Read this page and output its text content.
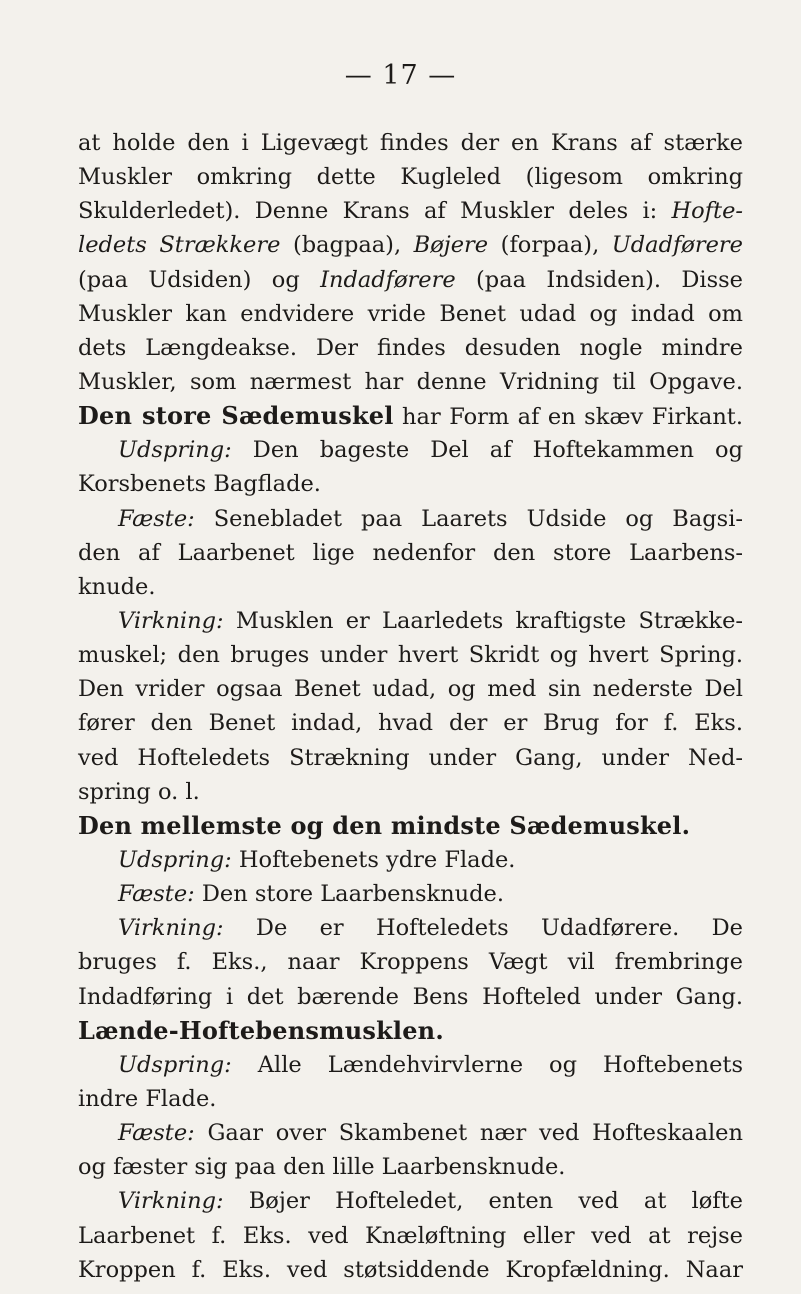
— 17 —
at holde den i Ligevægt findes der en Krans af stærke
Muskler omkring dette Kugleled (ligesom omkring
Skulderledet). Denne Krans af Muskler deles i: Hofte-
ledets Strækkere (bagpaa), Bøjere (forpaa), Udadførere
(paa Udsiden) og Indadførere (paa Indsiden). Disse
Muskler kan endvidere vride Benet udad og indad om
dets Længdeakse. Der findes desuden nogle mindre
Muskler, som nærmest har denne Vridning til Opgave.
Den store Sædemuskel har Form af en skæv Firkant.
Udspring: Den bageste Del af Hoftekammen og
Korsbenets Bagflade.
Fæste: Senebladet paa Laarets Udside og Bagsi-
den af Laarbenet lige nedenfor den store Laarbens-
knude.
Virkning: Musklen er Laarledets kraftigste Strække-
muskel; den bruges under hvert Skridt og hvert Spring.
Den vrider ogsaa Benet udad, og med sin nederste Del
fører den Benet indad, hvad der er Brug for f. Eks.
ved Hofteledets Strækning under Gang, under Ned-
spring o. l.
Den mellemste og den mindste Sædemuskel.
Udspring: Hoftebenets ydre Flade.
Fæste: Den store Laarbensknude.
Virkning: De er Hofteledets Udadførere. De
bruges f. Eks., naar Kroppens Vægt vil frembringe
Indadføring i det bærende Bens Hofteled under Gang.
Lænde-Hoftebensmusklen.
Udspring: Alle Lændehvirvlerne og Hoftebenets
indre Flade.
Fæste: Gaar over Skambenet nær ved Hofteskaalen
og fæster sig paa den lille Laarbensknude.
Virkning: Bøjer Hofteledet, enten ved at løfte
Laarbenet f. Eks. ved Knæløftning eller ved at rejse
Kroppen f. Eks. ved støtsiddende Kropfældning. Naar
